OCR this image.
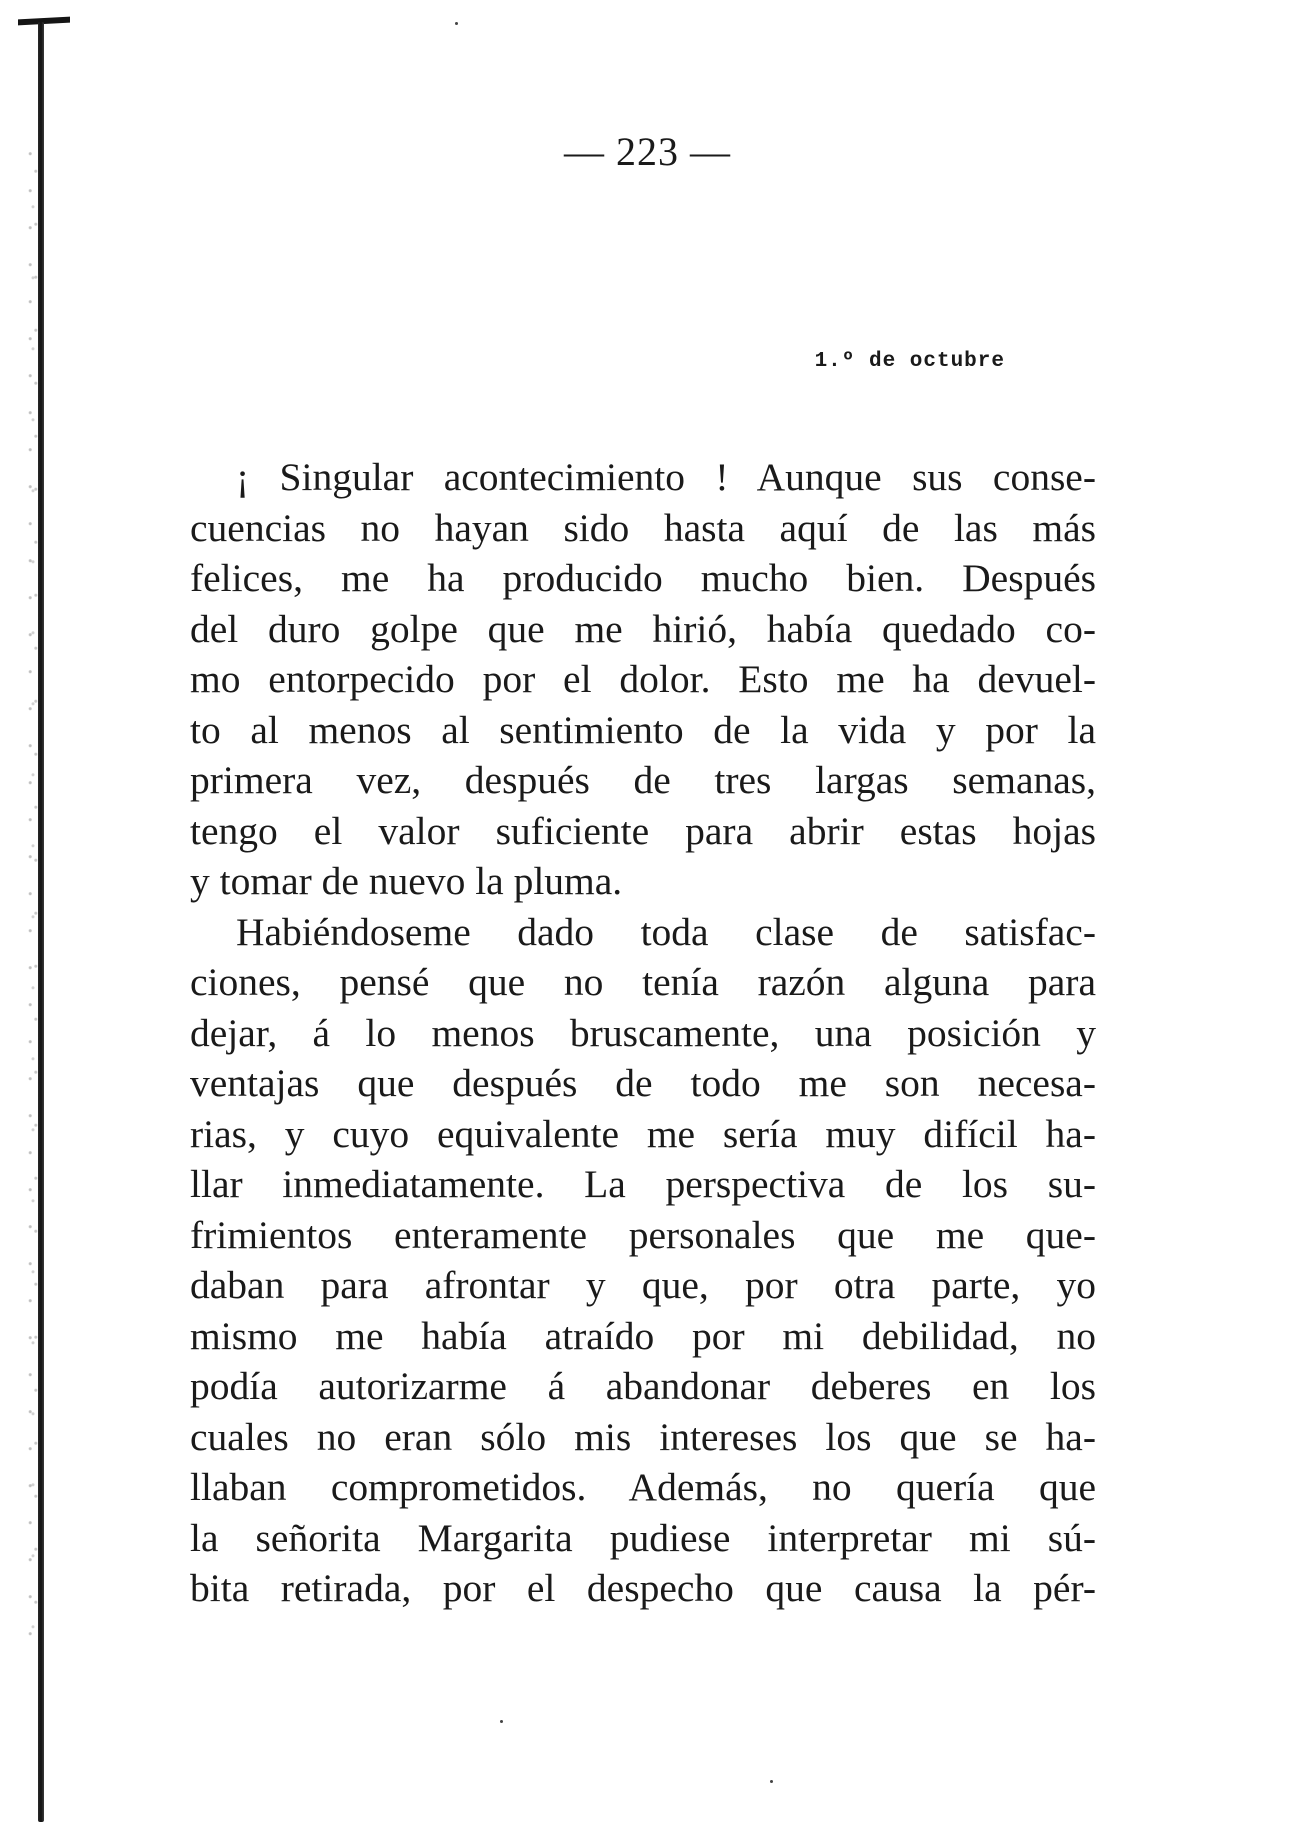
— 223 —
1.º de octubre
¡ Singular acontecimiento ! Aunque sus conse-
cuencias no hayan sido hasta aquí de las más
felices, me ha producido mucho bien. Después
del duro golpe que me hirió, había quedado co-
mo entorpecido por el dolor. Esto me ha devuel-
to al menos al sentimiento de la vida y por la
primera vez, después de tres largas semanas,
tengo el valor suficiente para abrir estas hojas
y tomar de nuevo la pluma.
Habiéndoseme dado toda clase de satisfac-
ciones, pensé que no tenía razón alguna para
dejar, á lo menos bruscamente, una posición y
ventajas que después de todo me son necesa-
rias, y cuyo equivalente me sería muy difícil ha-
llar inmediatamente. La perspectiva de los su-
frimientos enteramente personales que me que-
daban para afrontar y que, por otra parte, yo
mismo me había atraído por mi debilidad, no
podía autorizarme á abandonar deberes en los
cuales no eran sólo mis intereses los que se ha-
llaban comprometidos. Además, no quería que
la señorita Margarita pudiese interpretar mi sú-
bita retirada, por el despecho que causa la pér-
